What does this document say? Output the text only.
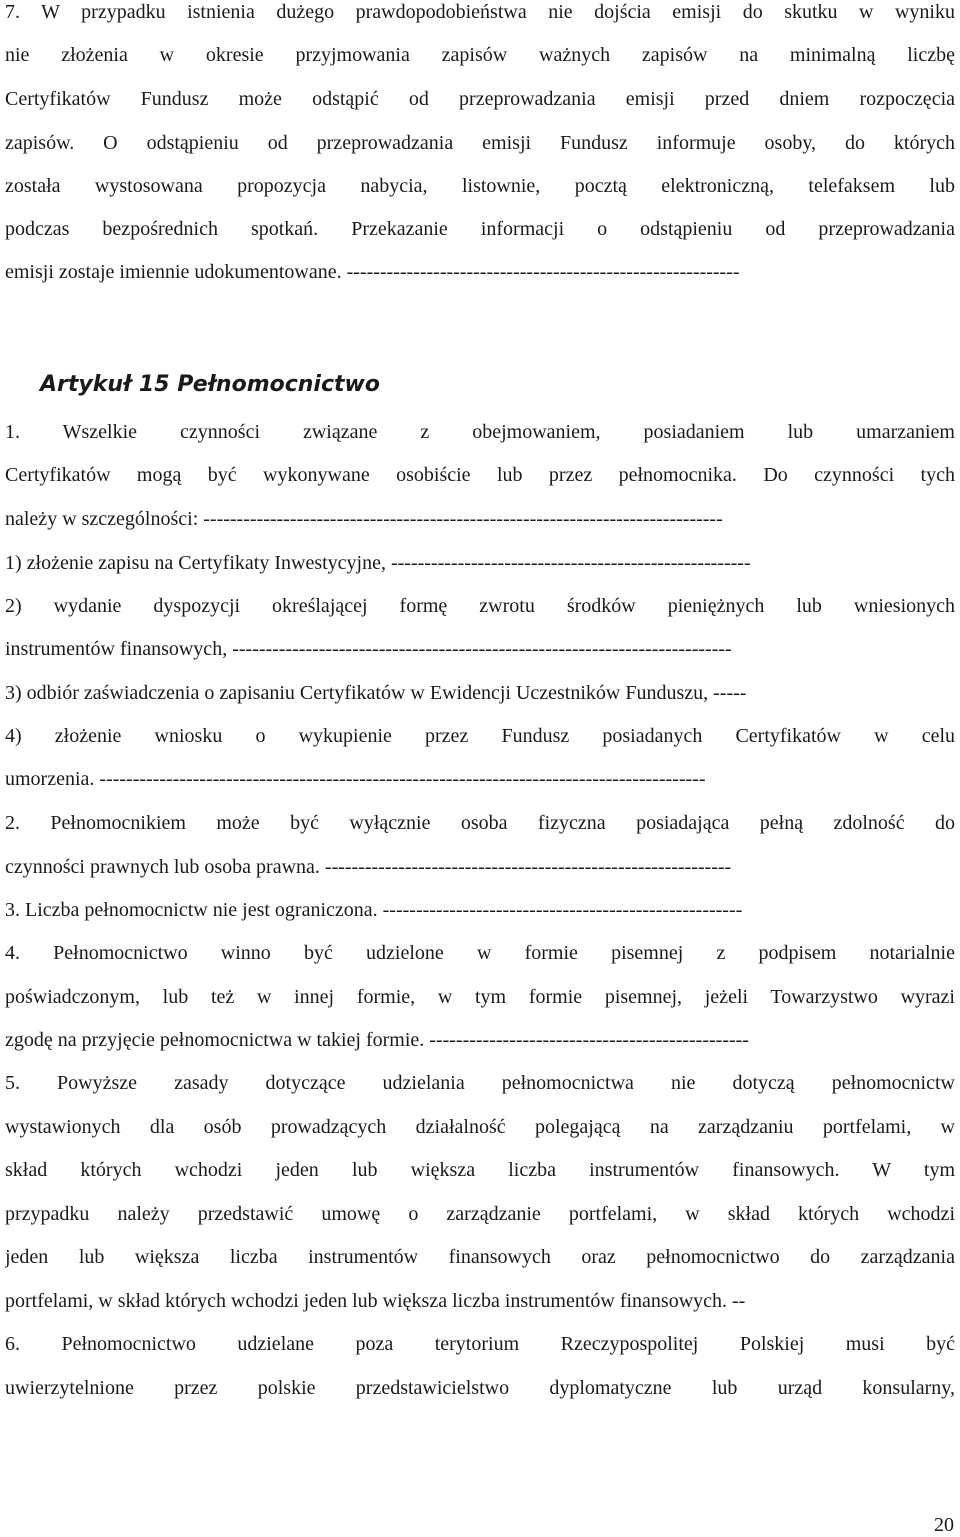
7. W przypadku istnienia dużego prawdopodobieństwa nie dojścia emisji do skutku w wyniku
nie złożenia w okresie przyjmowania zapisów ważnych zapisów na minimalną liczbę
Certyfikatów Fundusz może odstąpić od przeprowadzania emisji przed dniem rozpoczęcia
zapisów. O odstąpieniu od przeprowadzania emisji Fundusz informuje osoby, do których
została wystosowana propozycja nabycia, listownie, pocztą elektroniczną, telefaksem lub
podczas bezpośrednich spotkań. Przekazanie informacji o odstąpieniu od przeprowadzania
emisji zostaje imiennie udokumentowane. -----------------------------------------------------------
Artykuł 15 Pełnomocnictwo
1. Wszelkie czynności związane z obejmowaniem, posiadaniem lub umarzaniem
Certyfikatów mogą być wykonywane osobiście lub przez pełnomocnika. Do czynności tych
należy w szczególności: ------------------------------------------------------------------------------
1) złożenie zapisu na Certyfikaty Inwestycyjne, ------------------------------------------------------
2) wydanie dyspozycji określającej formę zwrotu środków pieniężnych lub wniesionych
instrumentów finansowych, ---------------------------------------------------------------------------
3) odbiór zaświadczenia o zapisaniu Certyfikatów w Ewidencji Uczestników Funduszu, -----
4) złożenie wniosku o wykupienie przez Fundusz posiadanych Certyfikatów w celu
umorzenia. -------------------------------------------------------------------------------------------
2. Pełnomocnikiem może być wyłącznie osoba fizyczna posiadająca pełną zdolność do
czynności prawnych lub osoba prawna. -------------------------------------------------------------
3. Liczba pełnomocnictw nie jest ograniczona. ------------------------------------------------------
4. Pełnomocnictwo winno być udzielone w formie pisemnej z podpisem notarialnie
poświadczonym, lub też w innej formie, w tym formie pisemnej, jeżeli Towarzystwo wyrazi
zgodę na przyjęcie pełnomocnictwa w takiej formie. ------------------------------------------------
5. Powyższe zasady dotyczące udzielania pełnomocnictwa nie dotyczą pełnomocnictw
wystawionych dla osób prowadzących działalność polegającą na zarządzaniu portfelami, w
skład których wchodzi jeden lub większa liczba instrumentów finansowych. W tym
przypadku należy przedstawić umowę o zarządzanie portfelami, w skład których wchodzi
jeden lub większa liczba instrumentów finansowych oraz pełnomocnictwo do zarządzania
portfelami, w skład których wchodzi jeden lub większa liczba instrumentów finansowych. --
6. Pełnomocnictwo udzielane poza terytorium Rzeczypospolitej Polskiej musi być
uwierzytelnione przez polskie przedstawicielstwo dyplomatyczne lub urząd konsularny,
20
